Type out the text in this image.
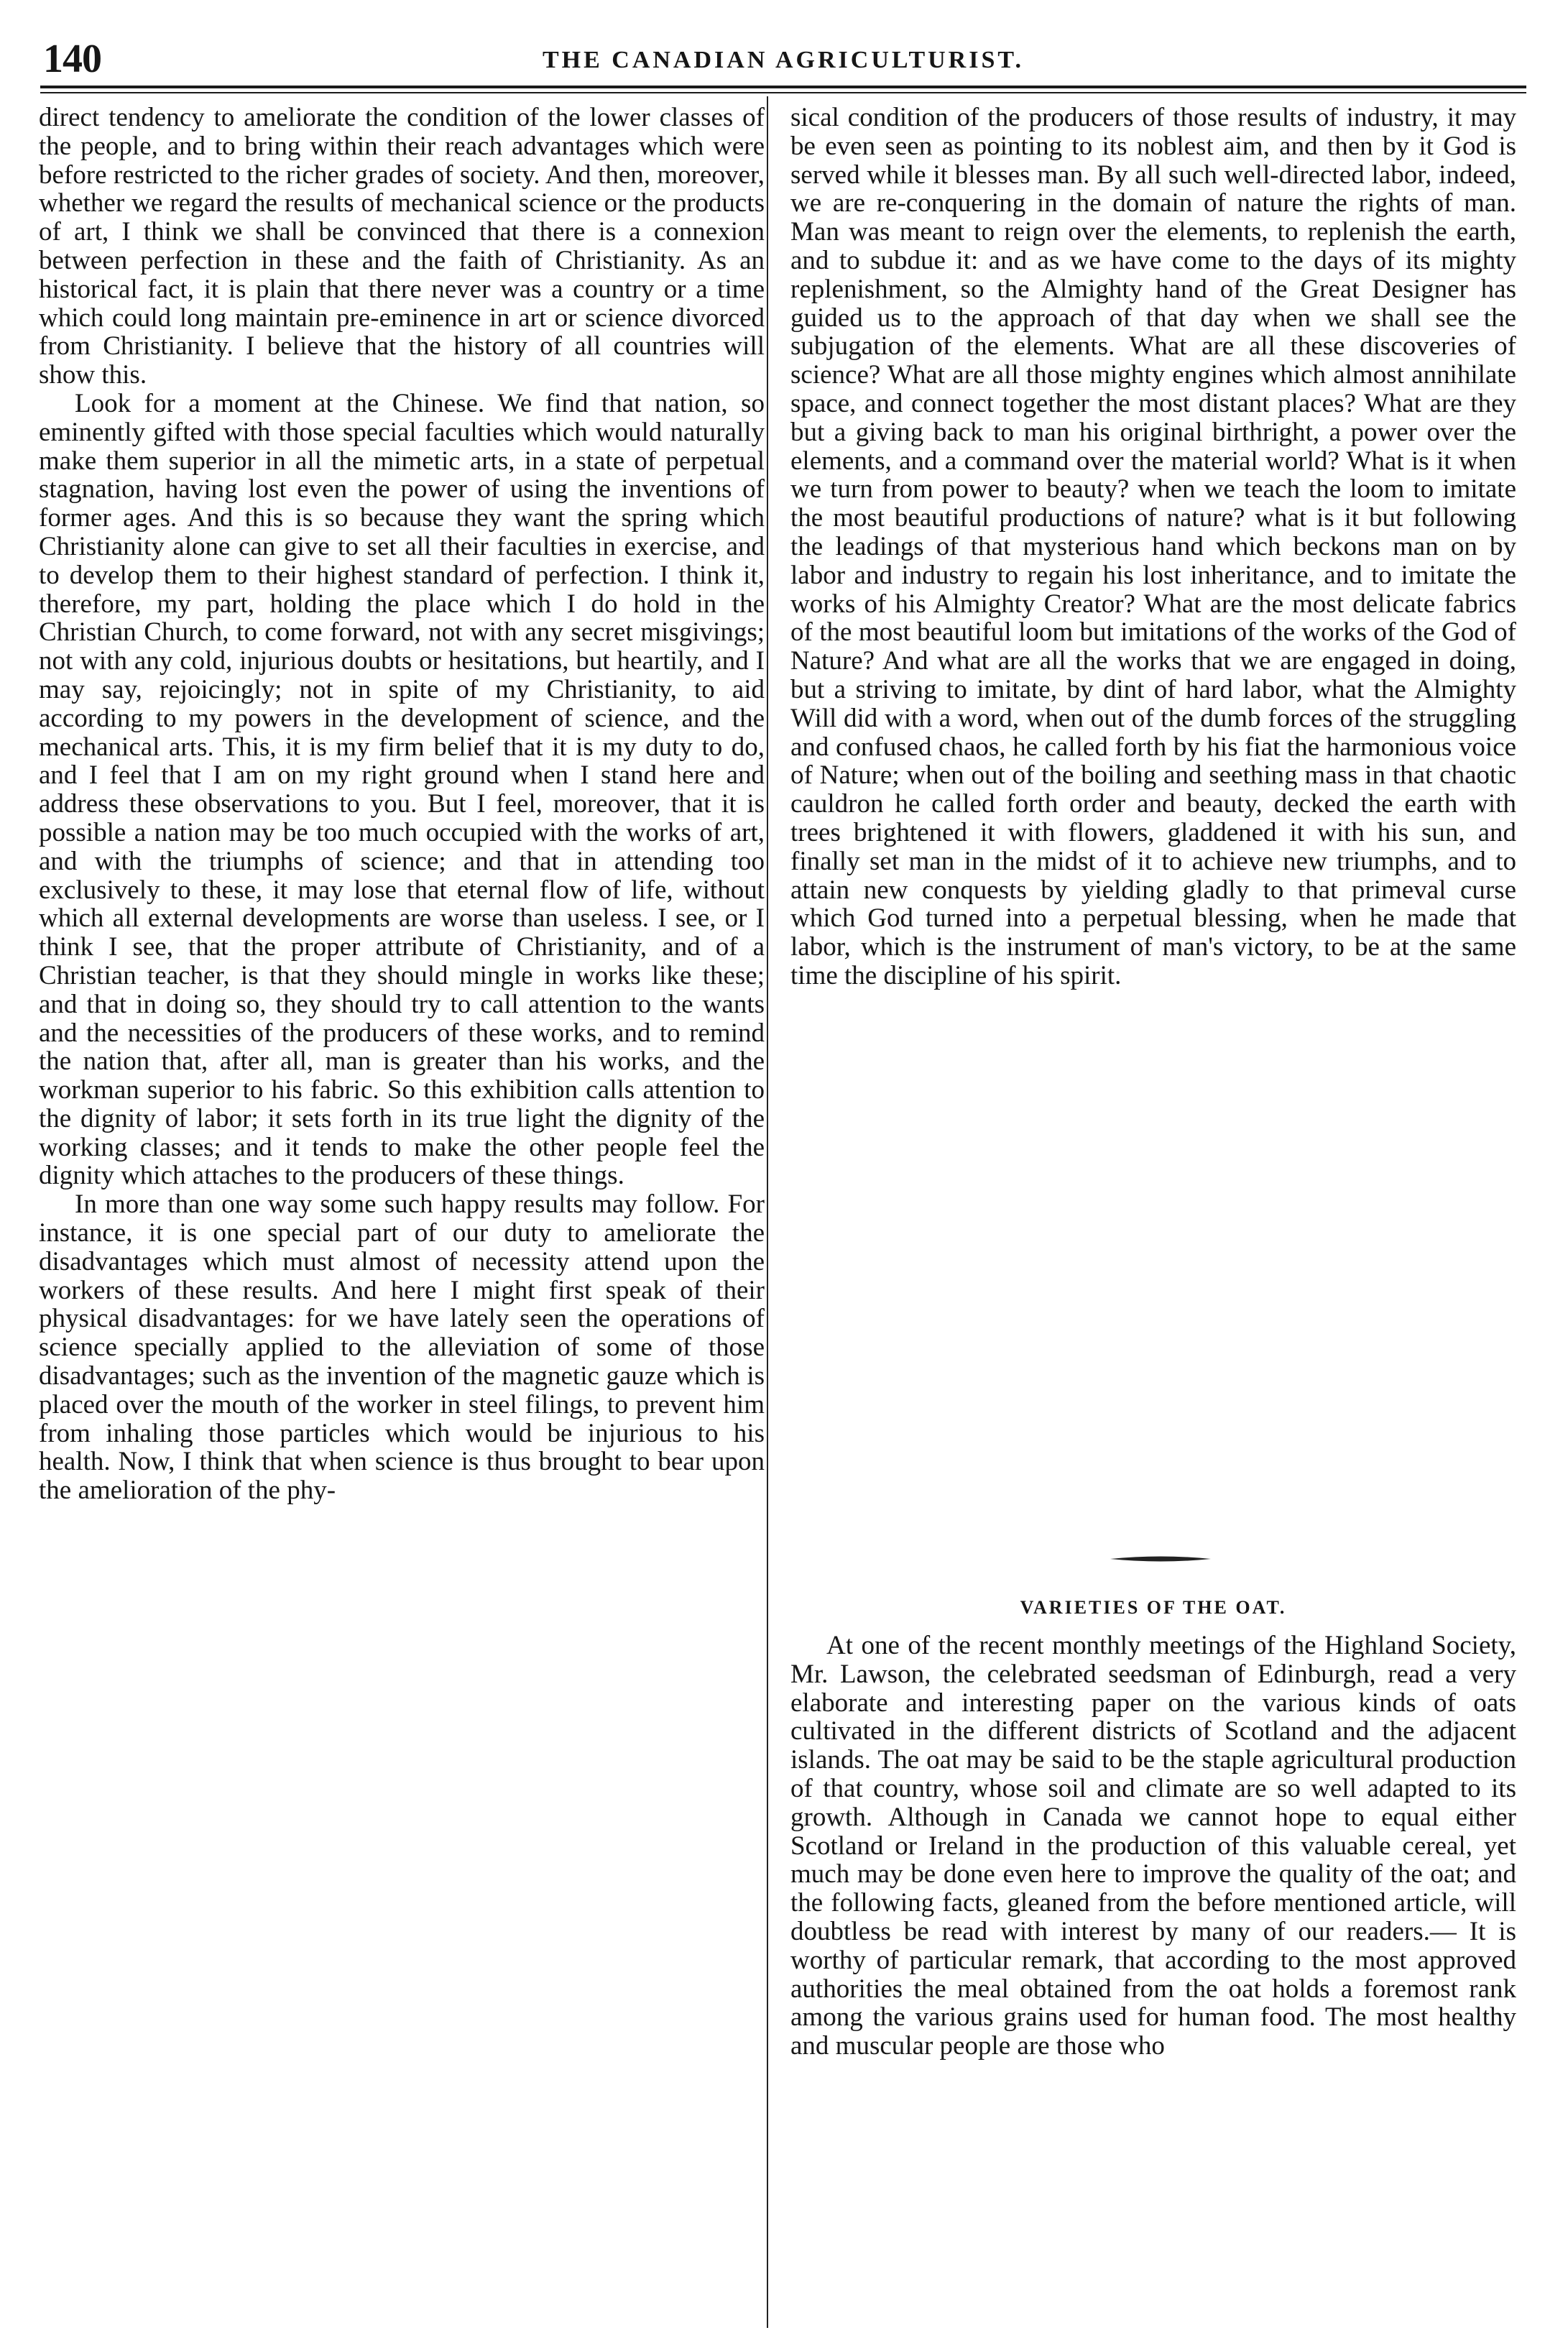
140	THE CANADIAN AGRICULTURIST.

direct tendency to ameliorate the condition of the lower classes of the people, and to bring within their reach advantages which were before restricted to the richer grades of society. And then, moreover, whether we regard the results of mechanical science or the products of art, I think we shall be convinced that there is a connexion between perfection in these and the faith of Christianity. As an historical fact, it is plain that there never was a country or a time which could long maintain pre-eminence in art or science divorced from Christianity. I believe that the history of all countries will show this.

Look for a moment at the Chinese. We find that nation, so eminently gifted with those special faculties which would naturally make them superior in all the mimetic arts, in a state of perpetual stagnation, having lost even the power of using the inventions of former ages. And this is so because they want the spring which Christianity alone can give to set all their faculties in exercise, and to develop them to their highest standard of perfection. I think it, therefore, my part, holding the place which I do hold in the Christian Church, to come forward, not with any secret misgivings; not with any cold, injurious doubts or hesitations, but heartily, and I may say, rejoicingly; not in spite of my Christianity, to aid according to my powers in the development of science, and the mechanical arts. This, it is my firm belief that it is my duty to do, and I feel that I am on my right ground when I stand here and address these observations to you. But I feel, moreover, that it is possible a nation may be too much occupied with the works of art, and with the triumphs of science; and that in attending too exclusively to these, it may lose that eternal flow of life, without which all external developments are worse than useless. I see, or I think I see, that the proper attribute of Christianity, and of a Christian teacher, is that they should mingle in works like these; and that in doing so, they should try to call attention to the wants and the necessities of the producers of these works, and to remind the nation that, after all, man is greater than his works, and the workman superior to his fabric. So this exhibition calls attention to the dignity of labor; it sets forth in its true light the dignity of the working classes; and it tends to make the other people feel the dignity which attaches to the producers of these things.

In more than one way some such happy results may follow. For instance, it is one special part of our duty to ameliorate the disadvantages which must almost of necessity attend upon the workers of these results. And here I might first speak of their physical disadvantages: for we have lately seen the operations of science specially applied to the alleviation of some of those disadvantages; such as the invention of the magnetic gauze which is placed over the mouth of the worker in steel filings, to prevent him from inhaling those particles which would be injurious to his health. Now, I think that when science is thus brought to bear upon the amelioration of the phy-

sical condition of the producers of those results of industry, it may be even seen as pointing to its noblest aim, and then by it God is served while it blesses man. By all such well-directed labor, indeed, we are re-conquering in the domain of nature the rights of man. Man was meant to reign over the elements, to replenish the earth, and to subdue it: and as we have come to the days of its mighty replenishment, so the Almighty hand of the Great Designer has guided us to the approach of that day when we shall see the subjugation of the elements. What are all these discoveries of science? What are all those mighty engines which almost annihilate space, and connect together the most distant places? What are they but a giving back to man his original birthright, a power over the elements, and a command over the material world? What is it when we turn from power to beauty? when we teach the loom to imitate the most beautiful productions of nature? what is it but following the leadings of that mysterious hand which beckons man on by labor and industry to regain his lost inheritance, and to imitate the works of his Almighty Creator? What are the most delicate fabrics of the most beautiful loom but imitations of the works of the God of Nature? And what are all the works that we are engaged in doing, but a striving to imitate, by dint of hard labor, what the Almighty Will did with a word, when out of the dumb forces of the struggling and confused chaos, he called forth by his fiat the harmonious voice of Nature; when out of the boiling and seething mass in that chaotic cauldron he called forth order and beauty, decked the earth with trees brightened it with flowers, gladdened it with his sun, and finally set man in the midst of it to achieve new triumphs, and to attain new conquests by yielding gladly to that primeval curse which God turned into a perpetual blessing, when he made that labor, which is the instrument of man's victory, to be at the same time the discipline of his spirit.

VARIETIES OF THE OAT.

At one of the recent monthly meetings of the Highland Society, Mr. Lawson, the celebrated seedsman of Edinburgh, read a very elaborate and interesting paper on the various kinds of oats cultivated in the different districts of Scotland and the adjacent islands. The oat may be said to be the staple agricultural production of that country, whose soil and climate are so well adapted to its growth. Although in Canada we cannot hope to equal either Scotland or Ireland in the production of this valuable cereal, yet much may be done even here to improve the quality of the oat; and the following facts, gleaned from the before mentioned article, will doubtless be read with interest by many of our readers.— It is worthy of particular remark, that according to the most approved authorities the meal obtained from the oat holds a foremost rank among the various grains used for human food. The most healthy and muscular people are those who
